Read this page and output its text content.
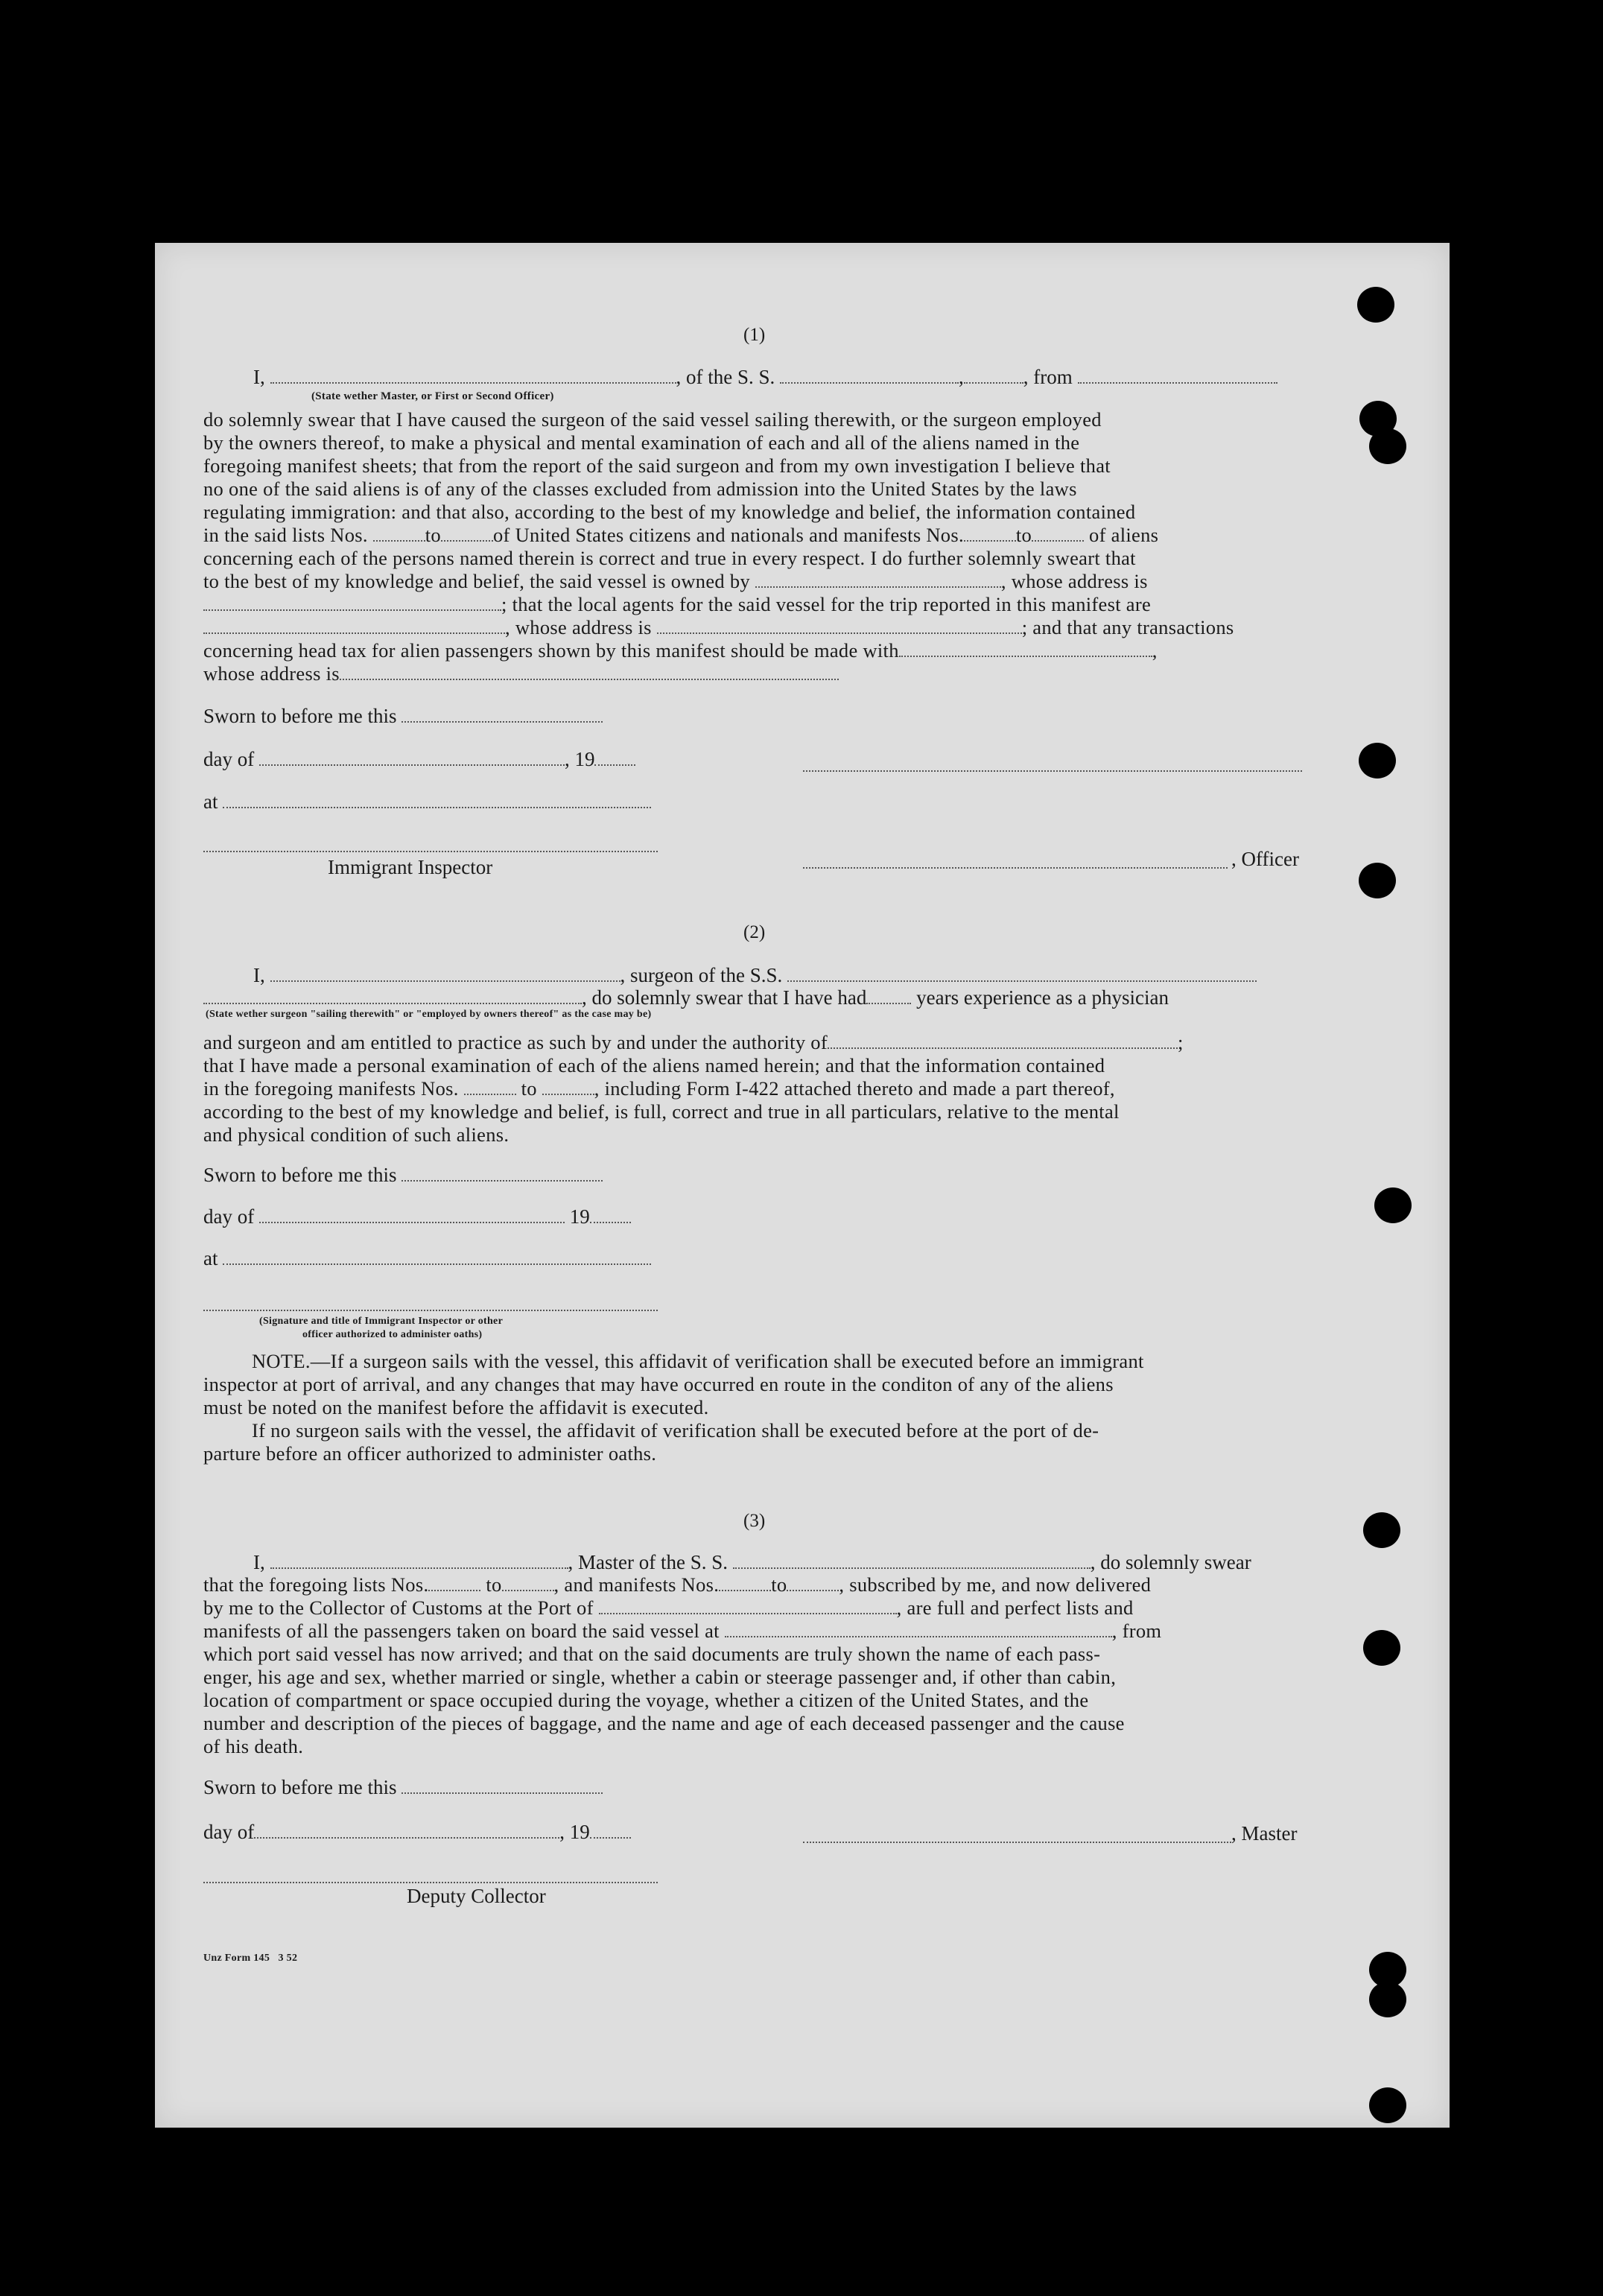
(1)
I,	, of the S. S.	,	, from
(State wether Master, or First or Second Officer)
do solemnly swear that I have caused the surgeon of the said vessel sailing therewith, or the surgeon employed
by the owners thereof, to make a physical and mental examination of each and all of the aliens named in the
foregoing manifest sheets; that from the report of the said surgeon and from my own investigation I believe that
no one of the said aliens is of any of the classes excluded from admission into the United States by the laws
regulating immigration: and that also, according to the best of my knowledge and belief, the information contained
in the said lists Nos.	to	of United States citizens and nationals and manifests Nos.	to	of aliens
concerning each of the persons named therein is correct and true in every respect. I do further solemnly sweart that
to the best of my knowledge and belief, the said vessel is owned by	, whose address is
; that the local agents for the said vessel for the trip reported in this manifest are
, whose address is	; and that any transactions
concerning head tax for alien passengers shown by this manifest should be made with	,
whose address is
Sworn to before me this
day of	, 19
at
Immigrant Inspector	, Officer
(2)
I,	, surgeon of the S.S.
, do solemnly swear that I have had years experience as a physician
(State wether surgeon "sailing therewith" or "employed by owners thereof" as the case may be)
and surgeon and am entitled to practice as such by and under the authority of	;
that I have made a personal examination of each of the aliens named herein; and that the information contained
in the foregoing manifests Nos.	to	, including Form I-422 attached thereto and made a part thereof,
according to the best of my knowledge and belief, is full, correct and true in all particulars, relative to the mental
and physical condition of such aliens.
Sworn to before me this
day of	19
at
(Signature and title of Immigrant Inspector or other
officer authorized to administer oaths)
NOTE.—If a surgeon sails with the vessel, this affidavit of verification shall be executed before an immigrant
inspector at port of arrival, and any changes that may have occurred en route in the conditon of any of the aliens
must be noted on the manifest before the affidavit is executed.
If no surgeon sails with the vessel, the affidavit of verification shall be executed before at the port of de-
parture before an officer authorized to administer oaths.
(3)
I,	, Master of the S. S.	, do solemnly swear
that the foregoing lists Nos.	to	, and manifests Nos.	to	, subscribed by me, and now delivered
by me to the Collector of Customs at the Port of	, are full and perfect lists and
manifests of all the passengers taken on board the said vessel at	, from
which port said vessel has now arrived; and that on the said documents are truly shown the name of each pass-
enger, his age and sex, whether married or single, whether a cabin or steerage passenger and, if other than cabin,
location of compartment or space occupied during the voyage, whether a citizen of the United States, and the
number and description of the pieces of baggage, and the name and age of each deceased passenger and the cause
of his death.
Sworn to before me this
day of	, 19	, Master
Deputy Collector
Unz Form 145   3 52
